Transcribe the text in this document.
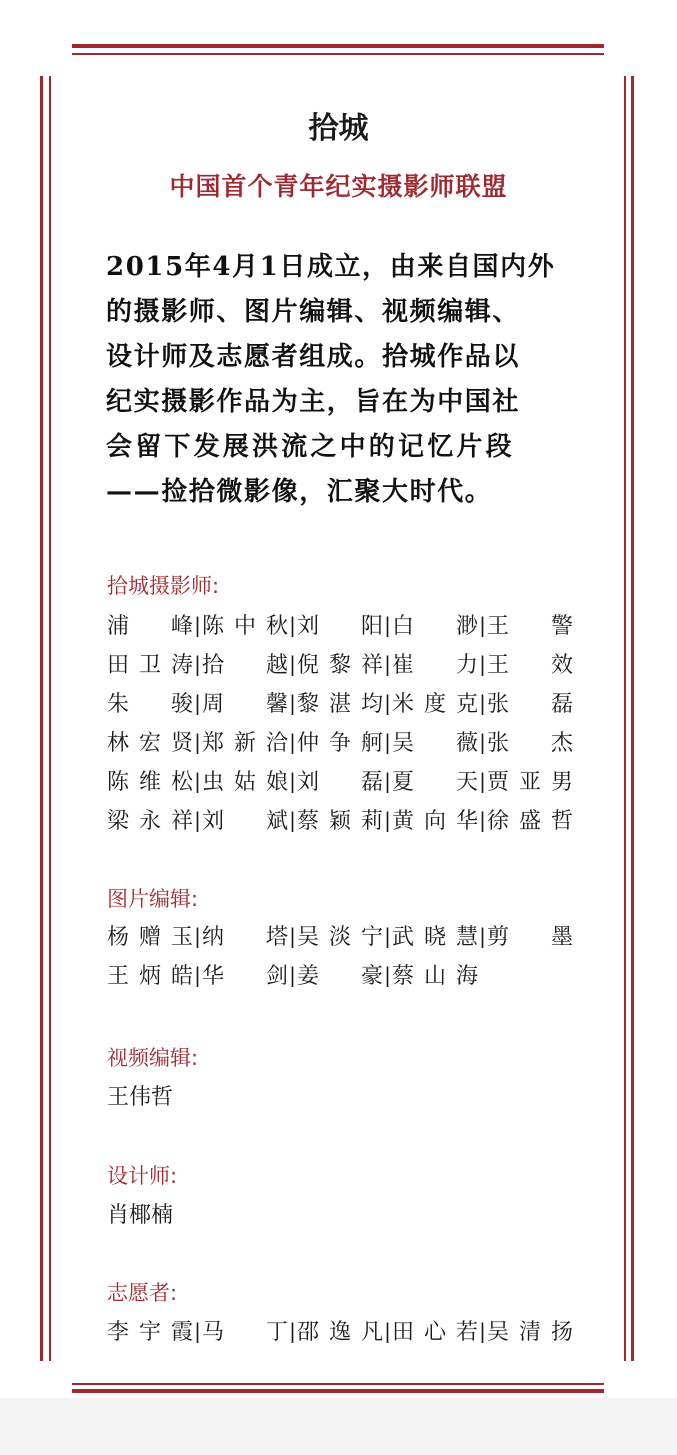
拾城
中国首个青年纪实摄影师联盟
2015年4月1日成立，由来自国内外
的摄影师、图片编辑、视频编辑、
设计师及志愿者组成。拾城作品以
纪实摄影作品为主，旨在为中国社
会留下发展洪流之中的记忆片段
——捡拾微影像，汇聚大时代。
拾城摄影师:
浦 峰 | 陈 中 秋 | 刘 阳 | 白 渺 | 王 警
田 卫 涛 | 拾 越 | 倪 黎 祥 | 崔 力 | 王 效
朱 骏 | 周 馨 | 黎 湛 均 | 米 度 克 | 张 磊
林 宏 贤 | 郑 新 洽 | 仲 争 舸 | 吴 薇 | 张 杰
陈 维 松 | 虫 姑 娘 | 刘 磊 | 夏 天 | 贾 亚 男
梁 永 祥 | 刘 斌 | 蔡 颖 莉 | 黄 向 华 | 徐 盛 哲
图片编辑:
杨 赠 玉 | 纳 塔 | 吴 淡 宁 | 武 晓 慧 | 剪 墨
王 炳 皓 | 华 剑 | 姜 豪 | 蔡 山 海
视频编辑:
王伟哲
设计师:
肖椰楠
志愿者:
李 宇 霞 | 马 丁 | 邵 逸 凡 | 田 心 若 | 吴 清 扬
